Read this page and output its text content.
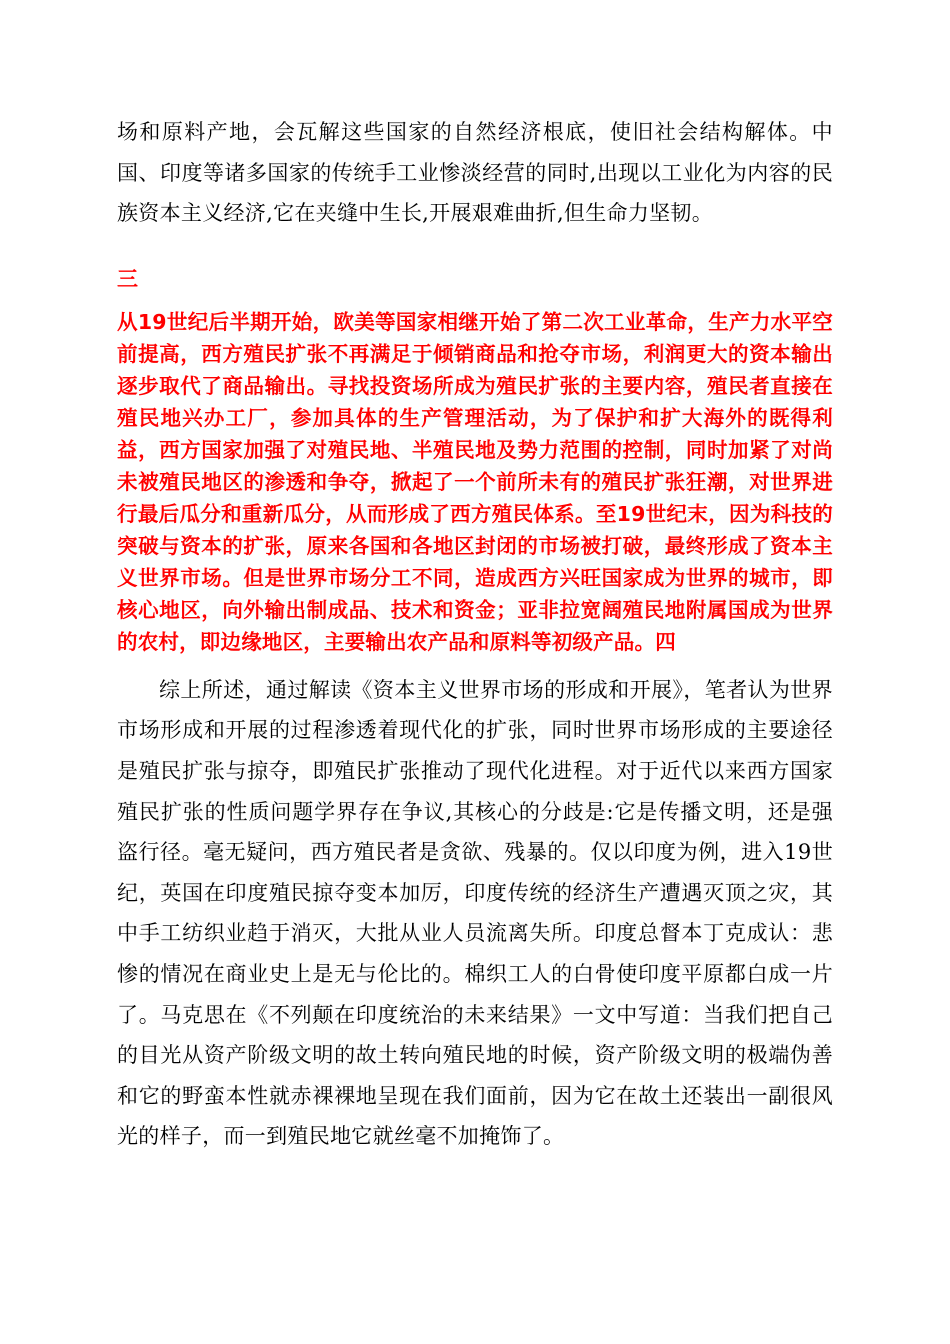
场和原料产地，会瓦解这些国家的自然经济根底，使旧社会结构解体。中国、印度等诸多国家的传统手工业惨淡经营的同时,出现以工业化为内容的民族资本主义经济,它在夹缝中生长,开展艰难曲折,但生命力坚韧。

三

从19世纪后半期开始，欧美等国家相继开始了第二次工业革命，生产力水平空前提高，西方殖民扩张不再满足于倾销商品和抢夺市场，利润更大的资本输出逐步取代了商品输出。寻找投资场所成为殖民扩张的主要内容，殖民者直接在殖民地兴办工厂，参加具体的生产管理活动，为了保护和扩大海外的既得利益，西方国家加强了对殖民地、半殖民地及势力范围的控制，同时加紧了对尚未被殖民地区的渗透和争夺，掀起了一个前所未有的殖民扩张狂潮，对世界进行最后瓜分和重新瓜分，从而形成了西方殖民体系。至19世纪末，因为科技的突破与资本的扩张，原来各国和各地区封闭的市场被打破，最终形成了资本主义世界市场。但是世界市场分工不同，造成西方兴旺国家成为世界的城市，即核心地区，向外输出制成品、技术和资金；亚非拉宽阔殖民地附属国成为世界的农村，即边缘地区，主要输出农产品和原料等初级产品。四

综上所述，通过解读《资本主义世界市场的形成和开展》，笔者认为世界市场形成和开展的过程渗透着现代化的扩张，同时世界市场形成的主要途径是殖民扩张与掠夺，即殖民扩张推动了现代化进程。对于近代以来西方国家殖民扩张的性质问题学界存在争议,其核心的分歧是:它是传播文明，还是强盗行径。毫无疑问，西方殖民者是贪欲、残暴的。仅以印度为例，进入19世纪，英国在印度殖民掠夺变本加厉，印度传统的经济生产遭遇灭顶之灾，其中手工纺织业趋于消灭，大批从业人员流离失所。印度总督本丁克成认：悲惨的情况在商业史上是无与伦比的。棉织工人的白骨使印度平原都白成一片了。马克思在《不列颠在印度统治的未来结果》一文中写道：当我们把自己的目光从资产阶级文明的故土转向殖民地的时候，资产阶级文明的极端伪善和它的野蛮本性就赤裸裸地呈现在我们面前，因为它在故土还装出一副很风光的样子，而一到殖民地它就丝毫不加掩饰了。
